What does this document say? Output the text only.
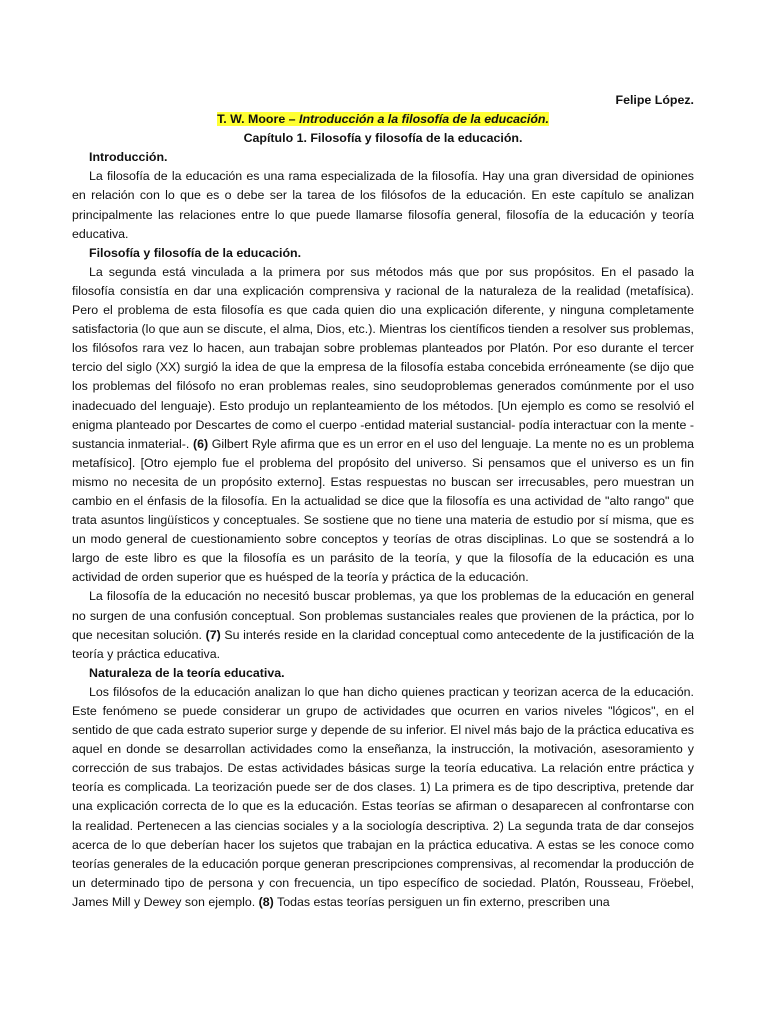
Felipe López.

T. W. Moore – Introducción a la filosofía de la educación.

Capítulo 1. Filosofía y filosofía de la educación.

Introducción.

La filosofía de la educación es una rama especializada de la filosofía. Hay una gran diversidad de opiniones en relación con lo que es o debe ser la tarea de los filósofos de la educación. En este capítulo se analizan principalmente las relaciones entre lo que puede llamarse filosofía general, filosofía de la educación y teoría educativa.

Filosofía y filosofía de la educación.

La segunda está vinculada a la primera por sus métodos más que por sus propósitos. En el pasado la filosofía consistía en dar una explicación comprensiva y racional de la naturaleza de la realidad (metafísica). Pero el problema de esta filosofía es que cada quien dio una explicación diferente, y ninguna completamente satisfactoria (lo que aun se discute, el alma, Dios, etc.). Mientras los científicos tienden a resolver sus problemas, los filósofos rara vez lo hacen, aun trabajan sobre problemas planteados por Platón. Por eso durante el tercer tercio del siglo (XX) surgió la idea de que la empresa de la filosofía estaba concebida erróneamente (se dijo que los problemas del filósofo no eran problemas reales, sino seudoproblemas generados comúnmente por el uso inadecuado del lenguaje). Esto produjo un replanteamiento de los métodos. [Un ejemplo es como se resolvió el enigma planteado por Descartes de como el cuerpo -entidad material sustancial- podía interactuar con la mente -sustancia inmaterial-. (6) Gilbert Ryle afirma que es un error en el uso del lenguaje. La mente no es un problema metafísico]. [Otro ejemplo fue el problema del propósito del universo. Si pensamos que el universo es un fin mismo no necesita de un propósito externo]. Estas respuestas no buscan ser irrecusables, pero muestran un cambio en el énfasis de la filosofía. En la actualidad se dice que la filosofía es una actividad de "alto rango" que trata asuntos lingüísticos y conceptuales. Se sostiene que no tiene una materia de estudio por sí misma, que es un modo general de cuestionamiento sobre conceptos y teorías de otras disciplinas. Lo que se sostendrá a lo largo de este libro es que la filosofía es un parásito de la teoría, y que la filosofía de la educación es una actividad de orden superior que es huésped de la teoría y práctica de la educación.

La filosofía de la educación no necesitó buscar problemas, ya que los problemas de la educación en general no surgen de una confusión conceptual. Son problemas sustanciales reales que provienen de la práctica, por lo que necesitan solución. (7) Su interés reside en la claridad conceptual como antecedente de la justificación de la teoría y práctica educativa.

Naturaleza de la teoría educativa.

Los filósofos de la educación analizan lo que han dicho quienes practican y teorizan acerca de la educación. Este fenómeno se puede considerar un grupo de actividades que ocurren en varios niveles "lógicos", en el sentido de que cada estrato superior surge y depende de su inferior. El nivel más bajo de la práctica educativa es aquel en donde se desarrollan actividades como la enseñanza, la instrucción, la motivación, asesoramiento y corrección de sus trabajos. De estas actividades básicas surge la teoría educativa. La relación entre práctica y teoría es complicada. La teorización puede ser de dos clases. 1) La primera es de tipo descriptiva, pretende dar una explicación correcta de lo que es la educación. Estas teorías se afirman o desaparecen al confrontarse con la realidad. Pertenecen a las ciencias sociales y a la sociología descriptiva. 2) La segunda trata de dar consejos acerca de lo que deberían hacer los sujetos que trabajan en la práctica educativa. A estas se les conoce como teorías generales de la educación porque generan prescripciones comprensivas, al recomendar la producción de un determinado tipo de persona y con frecuencia, un tipo específico de sociedad. Platón, Rousseau, Fröebel, James Mill y Dewey son ejemplo. (8) Todas estas teorías persiguen un fin externo, prescriben una
